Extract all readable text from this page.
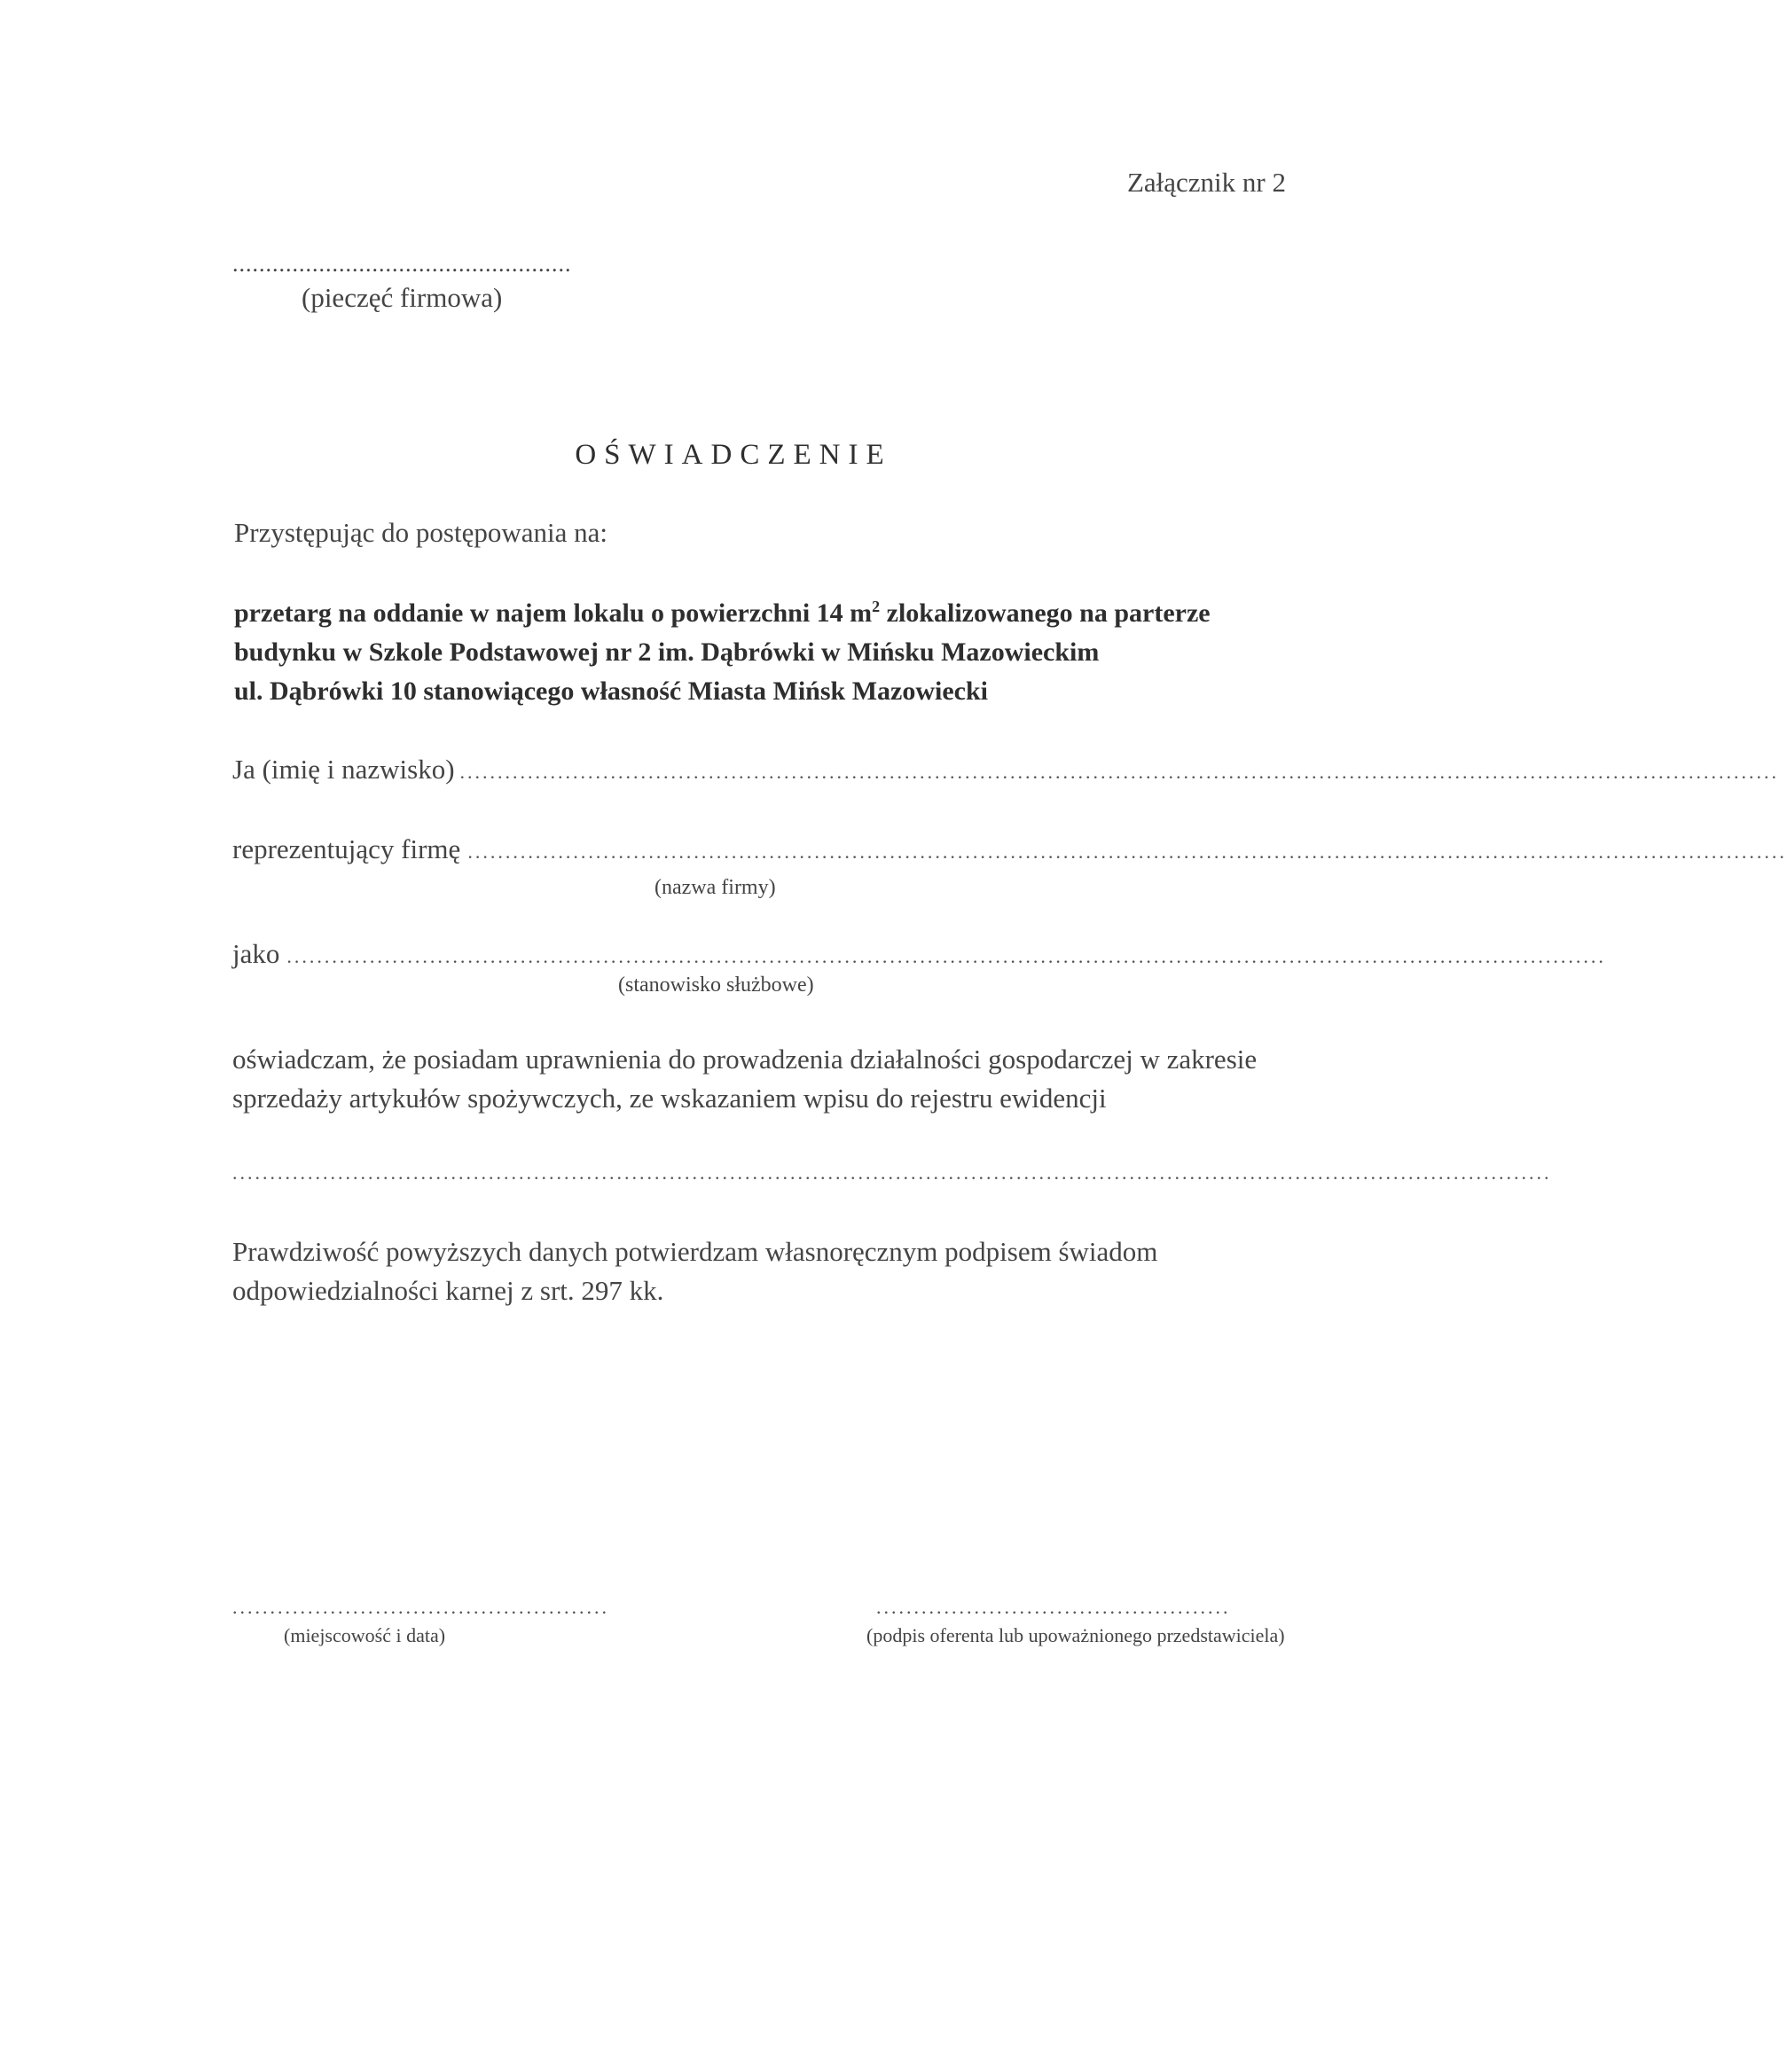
Załącznik nr 2
...................................................
(pieczęć firmowa)
OŚWIADCZENIE
Przystępując do postępowania na:
przetarg na oddanie w najem lokalu o powierzchni 14 $m^2$ zlokalizowanego na parterze
budynku w Szkole Podstawowej nr 2 im. Dąbrówki w Mińsku Mazowieckim
ul. Dąbrówki 10 stanowiącego własność Miasta Mińsk Mazowiecki
Ja (imię i nazwisko) ...............................................................................................................................................................................
reprezentujący firmę ...............................................................................................................................................................................
(nazwa firmy)
jako ...............................................................................................................................................................................
(stanowisko służbowe)
oświadczam, że posiadam uprawnienia do prowadzenia działalności gospodarczej w zakresie
sprzedaży artykułów spożywczych, ze wskazaniem wpisu do rejestru ewidencji
...............................................................................................................................................................................
Prawdziwość powyższych danych potwierdzam własnoręcznym podpisem świadom
odpowiedzialności karnej z srt. 297 kk.
..................................................
(miejscowość i data)
...............................................
(podpis oferenta lub upoważnionego przedstawiciela)
